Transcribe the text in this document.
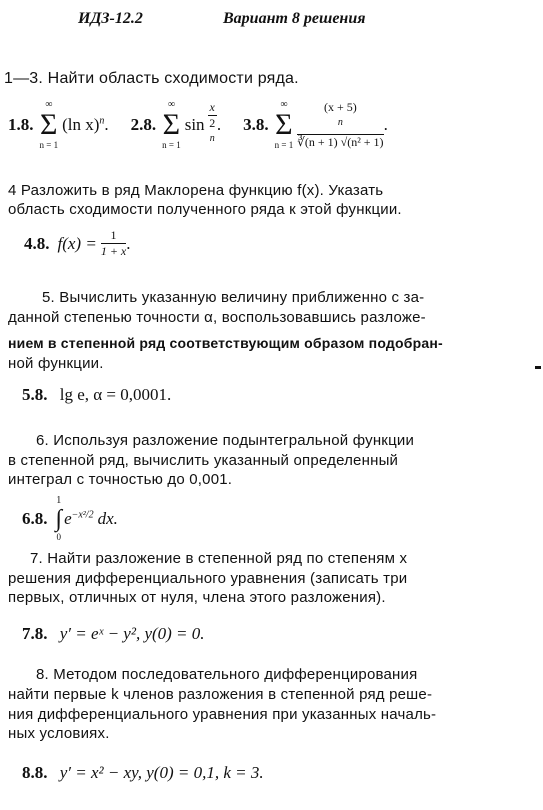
ИДЗ-12.2	Вариант 8 решения
1—3. Найти область сходимости ряда.
1.8.
∞
Σ
n = 1
(ln x)$^n$. 2.8.
∞
Σ
n = 1
sin x
2
$^n$ . 3.8.
∞
Σ
n = 1 (x + 5)
$^n$
∛(n + 1) √(n² + 1) .
4 Разложить в ряд Маклорена функцию f(x). Указать
область сходимости полученного ряда к этой функции.
4.8. $f(x) = \frac{1}{1 + x}$ .
5. Вычислить указанную величину приближенно с за-
данной степенью точности α, воспользовавшись разложе-
нием в степенной ряд соответствующим образом подобран-
ной функции.
5.8. lg e, α = 0,0001.
6. Используя разложение подынтегральной функции
в степенной ряд, вычислить указанный определенный
интеграл с точностью до 0,001.
6.8.
1
∫
0
$e^{-x^2/2}$ dx.
7. Найти разложение в степенной ряд по степеням x
решения дифференциального уравнения (записать три
первых, отличных от нуля, члена этого разложения).
7.8. y′ = eˣ − y², y(0) = 0.
8. Методом последовательного дифференцирования
найти первые k членов разложения в степенной ряд реше-
ния дифференциального уравнения при указанных началь-
ных условиях.
8.8. y′ = x² − xy, y(0) = 0,1, k = 3.
